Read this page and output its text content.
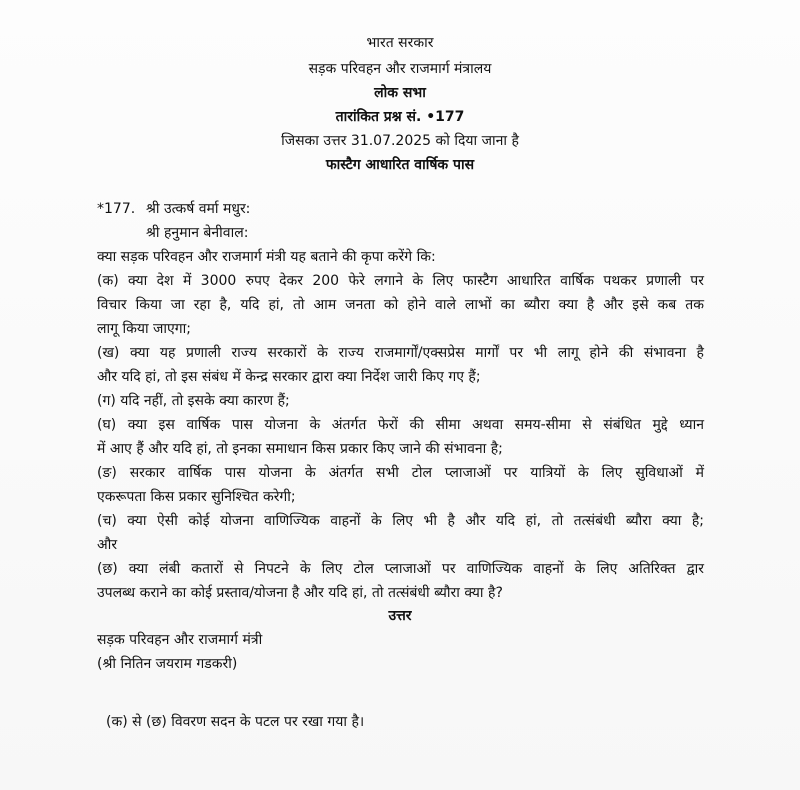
भारत सरकार
सड़क परिवहन और राजमार्ग मंत्रालय
लोक सभा
तारांकित प्रश्न सं. •177
जिसका उत्तर 31.07.2025 को दिया जाना है
फास्टैग आधारित वार्षिक पास
*177. श्री उत्कर्ष वर्मा मधुर:
श्री हनुमान बेनीवाल:
क्या सड़क परिवहन और राजमार्ग मंत्री यह बताने की कृपा करेंगे कि:
(क) क्या देश में 3000 रुपए देकर 200 फेरे लगाने के लिए फास्टैग आधारित वार्षिक पथकर प्रणाली पर
विचार किया जा रहा है, यदि हां, तो आम जनता को होने वाले लाभों का ब्यौरा क्या है और इसे कब तक
लागू किया जाएगा;
(ख) क्या यह प्रणाली राज्य सरकारों के राज्य राजमार्गों/एक्सप्रेस मार्गों पर भी लागू होने की संभावना है
और यदि हां, तो इस संबंध में केन्द्र सरकार द्वारा क्या निर्देश जारी किए गए हैं;
(ग) यदि नहीं, तो इसके क्या कारण हैं;
(घ) क्या इस वार्षिक पास योजना के अंतर्गत फेरों की सीमा अथवा समय-सीमा से संबंधित मुद्दे ध्यान
में आए हैं और यदि हां, तो इनका समाधान किस प्रकार किए जाने की संभावना है;
(ङ) सरकार वार्षिक पास योजना के अंतर्गत सभी टोल प्लाजाओं पर यात्रियों के लिए सुविधाओं में
एकरूपता किस प्रकार सुनिश्चित करेगी;
(च) क्या ऐसी कोई योजना वाणिज्यिक वाहनों के लिए भी है और यदि हां, तो तत्संबंधी ब्यौरा क्या है;
और
(छ) क्या लंबी कतारों से निपटने के लिए टोल प्लाजाओं पर वाणिज्यिक वाहनों के लिए अतिरिक्त द्वार
उपलब्ध कराने का कोई प्रस्ताव/योजना है और यदि हां, तो तत्संबंधी ब्यौरा क्या है?
उत्तर
सड़क परिवहन और राजमार्ग मंत्री
(श्री नितिन जयराम गडकरी)
(क) से (छ) विवरण सदन के पटल पर रखा गया है।
